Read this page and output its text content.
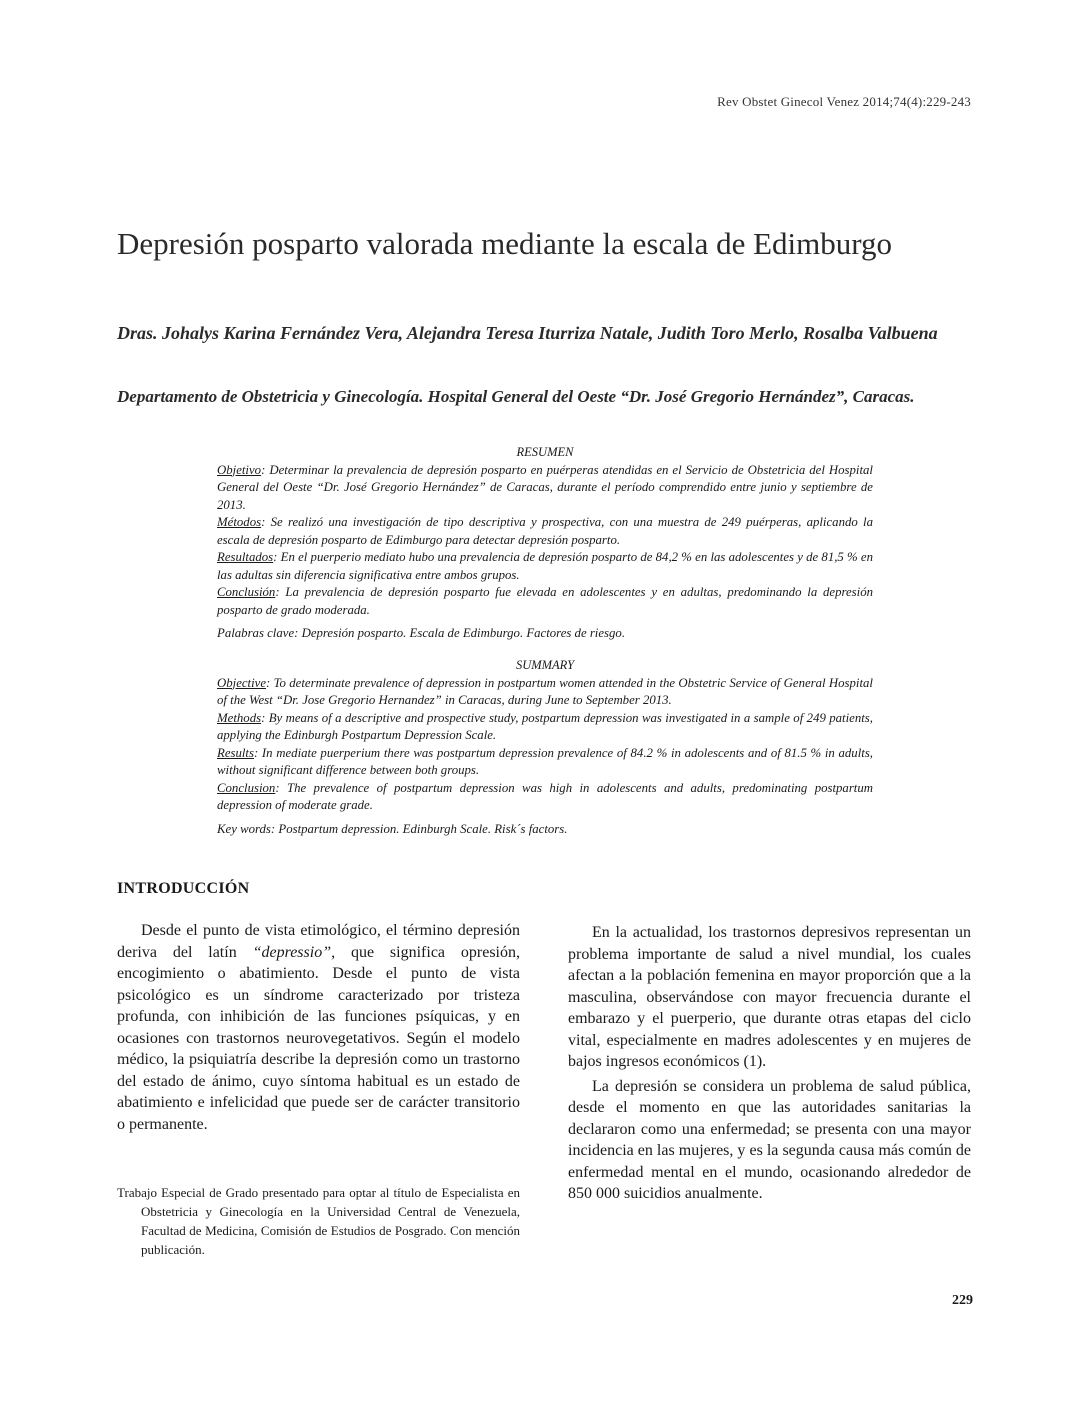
Rev Obstet Ginecol Venez 2014;74(4):229-243
Depresión posparto valorada mediante la escala de Edimburgo
Dras. Johalys Karina Fernández Vera, Alejandra Teresa Iturriza Natale, Judith Toro Merlo, Rosalba Valbuena
Departamento de Obstetricia y Ginecología. Hospital General del Oeste “Dr. José Gregorio Hernández”, Caracas.

RESUMEN

Objetivo: Determinar la prevalencia de depresión posparto en puérperas atendidas en el Servicio de Obstetricia del Hospital General del Oeste “Dr. José Gregorio Hernández” de Caracas, durante el período comprendido entre junio y septiembre de 2013.

Métodos: Se realizó una investigación de tipo descriptiva y prospectiva, con una muestra de 249 puérperas, aplicando la escala de depresión posparto de Edimburgo para detectar depresión posparto.

Resultados: En el puerperio mediato hubo una prevalencia de depresión posparto de 84,2 % en las adolescentes y de 81,5 % en las adultas sin diferencia significativa entre ambos grupos.

Conclusión: La prevalencia de depresión posparto fue elevada en adolescentes y en adultas, predominando la depresión posparto de grado moderada.

Palabras clave: Depresión posparto. Escala de Edimburgo. Factores de riesgo.

SUMMARY

Objective: To determinate prevalence of depression in postpartum women attended in the Obstetric Service of General Hospital of the West “Dr. Jose Gregorio Hernandez” in Caracas, during June to September 2013.

Methods: By means of a descriptive and prospective study, postpartum depression was investigated in a sample of 249 patients, applying the Edinburgh Postpartum Depression Scale.

Results: In mediate puerperium there was postpartum depression prevalence of 84.2 % in adolescents and of 81.5 % in adults, without significant difference between both groups.

Conclusion: The prevalence of postpartum depression was high in adolescents and adults, predominating postpartum depression of moderate grade.

Key words: Postpartum depression. Edinburgh Scale. Risk´s factors.

INTRODUCCIÓN

Desde el punto de vista etimológico, el término depresión deriva del latín “depressio”, que significa opresión, encogimiento o abatimiento. Desde el punto de vista psicológico es un síndrome caracterizado por tristeza profunda, con inhibición de las funciones psíquicas, y en ocasiones con trastornos neurovegetativos. Según el modelo médico, la psiquiatría describe la depresión como un trastorno del estado de ánimo, cuyo síntoma habitual es un estado de abatimiento e infelicidad que puede ser de carácter transitorio o permanente.

En la actualidad, los trastornos depresivos representan un problema importante de salud a nivel mundial, los cuales afectan a la población femenina en mayor proporción que a la masculina, observándose con mayor frecuencia durante el embarazo y el puerperio, que durante otras etapas del ciclo vital, especialmente en madres adolescentes y en mujeres de bajos ingresos económicos (1).

La depresión se considera un problema de salud pública, desde el momento en que las autoridades sanitarias la declararon como una enfermedad; se presenta con una mayor incidencia en las mujeres, y es la segunda causa más común de enfermedad mental en el mundo, ocasionando alrededor de 850 000 suicidios anualmente.

Trabajo Especial de Grado presentado para optar al título de Especialista en Obstetricia y Ginecología en la Universidad Central de Venezuela, Facultad de Medicina, Comisión de Estudios de Posgrado. Con mención publicación.
229
